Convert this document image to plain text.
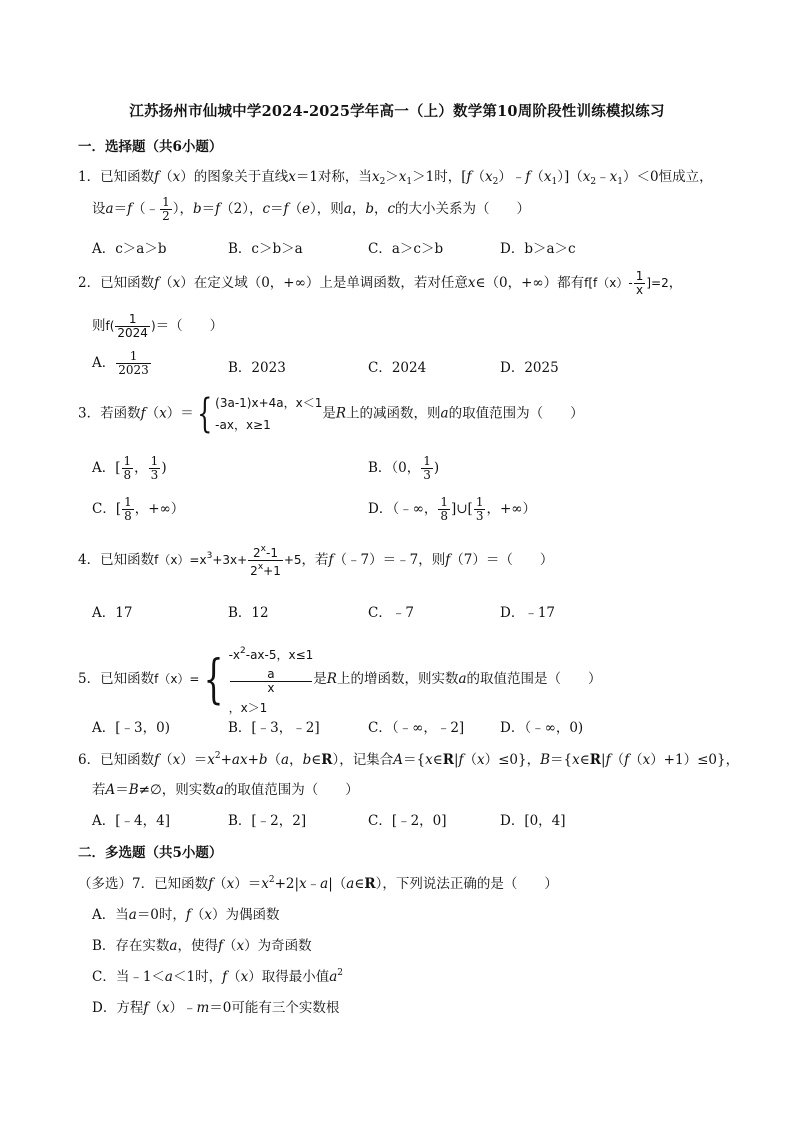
江苏扬州市仙城中学2024-2025学年高一（上）数学第10周阶段性训练模拟练习
一．选择题（共6小题）
1．已知函数f（x）的图象关于直线x＝1对称，当$x_2>x_1>1$时，$[f(x_2)﹣f(x_1)](x_2﹣x_1)<0$恒成立，
设a＝f（﹣ $\frac{1}{2}$ ），b＝f（2），c＝f（e），则a，b，c的大小关系为（　　）
A．c＞a＞b	B．c＞b＞a	C．a＞c＞b	D．b＞a＞c
2．已知函数f（x）在定义域（0，+∞）上是单调函数，若对任意x∈（0，+∞）都有$f[f(x)- \frac{1}{x} ]=2$，
则$f( \frac{1}{2024}$ )＝（　　）
A． $\frac{1}{2023}$	B．2023	C．2024	D．2025
3．若函数f（x）＝{ (3a-1)x+4a，x＜1
-ax，x≥1
是R上的减函数，则a的取值范围为（　　）
A．[ $\frac{1}{8}$ ， $\frac{1}{3}$ )	B．（0， $\frac{1}{3}$ )
C．[ $\frac{1}{8}$ ，+∞）	D．（﹣∞， $\frac{1}{8}$ ]∪[ $\frac{1}{3}$ ，+∞）
4．已知函数$f(x)=x^3+3x+ \frac{2^x-1}{2^x+1} +5$，若f（﹣7）＝﹣7，则f（7）＝（　　）
A．17	B．12	C．﹣7	D．﹣17
5．已知函数f（x）={ $-x^2-ax-5$，x≤1
a
x
，x＞1
是R上的增函数，则实数a的取值范围是（　　）
A．[﹣3，0)	B．[﹣3，﹣2]	C．（﹣∞，﹣2]	D．（﹣∞，0)
6．已知函数$f(x)=x^2+ax+b(a$，b∈R），记集合A＝{x∈R|f（x）≤0}，B＝{x∈R|f（f（x）+1）≤0}，
若A＝B≠∅，则实数a的取值范围为（　　）
A．[﹣4，4]	B．[﹣2，2]	C．[﹣2，0]	D．[0，4]
二．多选题（共5小题）
（多选）7．已知函数$f(x)=x^2+2|x﹣a|(a\in R)$，下列说法正确的是（　　）
A．当a＝0时，f（x）为偶函数
B．存在实数a，使得f（x）为奇函数
C．当﹣1＜a＜1时，f（x）取得最小值$a^2$
D．方程f（x）﹣m＝0可能有三个实数根
